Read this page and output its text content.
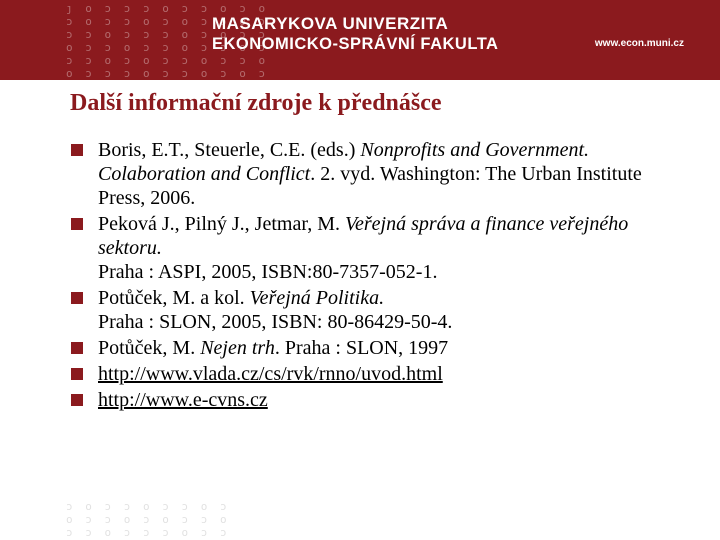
ȷ o ɔ ɔ ɔ o ɔ ɔ o ɔ o
ɔ o ɔ ɔ o ɔ o ɔ ɔ o ɔ
ɔ ɔ o ɔ ɔ ɔ o ɔ o ɔ ɔ
o ɔ ɔ o ɔ ɔ o ɔ ɔ o ɔ
ɔ ɔ o ɔ o ɔ ɔ o ɔ ɔ o
o ɔ ɔ ɔ o ɔ ɔ o ɔ o ɔ
MASARYKOVA UNIVERZITA
EKONOMICKO-SPRÁVNÍ FAKULTA	www.econ.muni.cz
Další informační zdroje k přednášce
Boris, E.T., Steuerle, C.E. (eds.) Nonprofits and Government. Colaboration and Conflict. 2. vyd. Washington: The Urban Institute Press, 2006.
Peková J., Pilný J., Jetmar, M. Veřejná správa a finance veřejného sektoru.
Praha : ASPI, 2005, ISBN:80-7357-052-1.
Potůček, M. a kol. Veřejná Politika.
Praha : SLON, 2005, ISBN: 80-86429-50-4.
Potůček, M. Nejen trh. Praha : SLON, 1997
http://www.vlada.cz/cs/rvk/rnno/uvod.html
http://www.e-cvns.cz
ɔ o ɔ ɔ o ɔ ɔ o ɔ
o ɔ ɔ o ɔ o ɔ ɔ o
ɔ ɔ o ɔ ɔ ɔ o ɔ ɔ
